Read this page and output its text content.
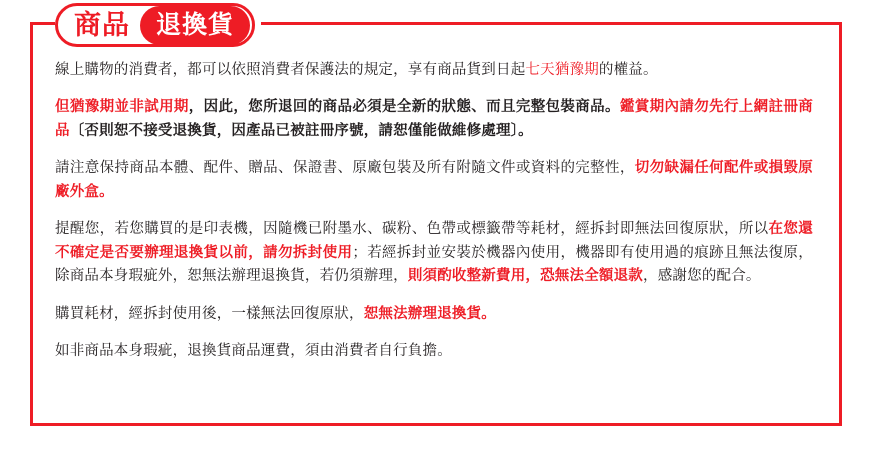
商品	退換貨

線上購物的消費者，都可以依照消費者保護法的規定，享有商品貨到日起七天猶豫期的權益。

但猶豫期並非試用期，因此，您所退回的商品必須是全新的狀態、而且完整包裝商品。鑑賞期內請勿先行上網註冊商品〔否則恕不接受退換貨，因產品已被註冊序號，請恕僅能做維修處理〕。

請注意保持商品本體、配件、贈品、保證書、原廠包裝及所有附隨文件或資料的完整性，切勿缺漏任何配件或損毀原廠外盒。

提醒您，若您購買的是印表機，因隨機已附墨水、碳粉、色帶或標籤帶等耗材，經拆封即無法回復原狀，所以在您還不確定是否要辦理退換貨以前，請勿拆封使用；若經拆封並安裝於機器內使用，機器即有使用過的痕跡且無法復原，除商品本身瑕疵外，恕無法辦理退換貨，若仍須辦理，則須酌收整新費用，恐無法全額退款，感謝您的配合。

購買耗材，經拆封使用後，一樣無法回復原狀，恕無法辦理退換貨。

如非商品本身瑕疵，退換貨商品運費，須由消費者自行負擔。
